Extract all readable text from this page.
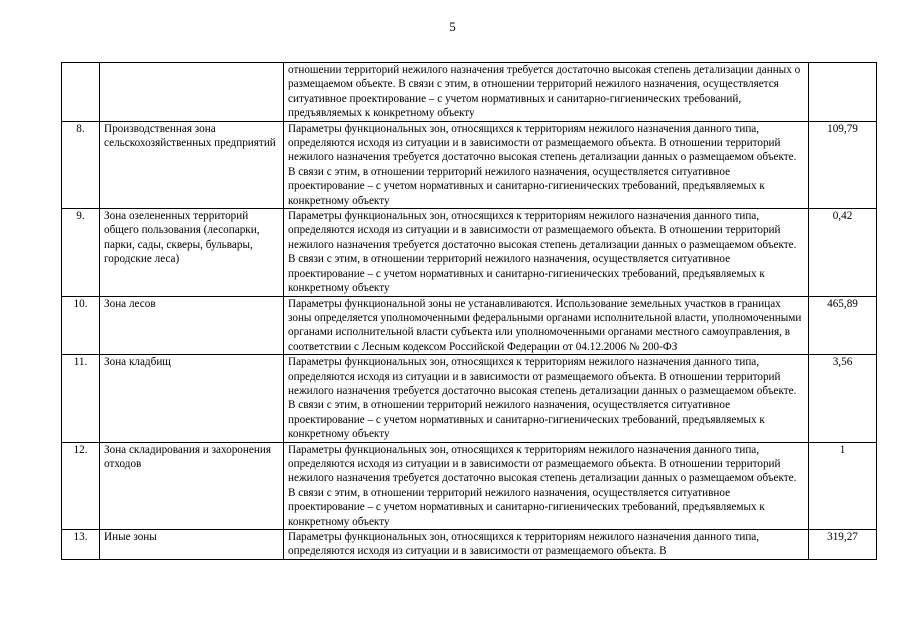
5
		отношении территорий нежилого назначения требуется достаточно высокая степень детализации данных о размещаемом объекте. В связи с этим, в отношении территорий нежилого назначения, осуществляется ситуативное проектирование – с учетом нормативных и санитарно-гигиенических требований, предъявляемых к конкретному объекту	
8.	Производственная зона сельскохозяйственных предприятий	Параметры функциональных зон, относящихся к территориям нежилого назначения данного типа, определяются исходя из ситуации и в зависимости от размещаемого объекта. В отношении территорий нежилого назначения требуется достаточно высокая степень детализации данных о размещаемом объекте. В связи с этим, в отношении территорий нежилого назначения, осуществляется ситуативное проектирование – с учетом нормативных и санитарно-гигиенических требований, предъявляемых к конкретному объекту	109,79
9.	Зона озелененных территорий общего пользования (лесопарки, парки, сады, скверы, бульвары, городские леса)	Параметры функциональных зон, относящихся к территориям нежилого назначения данного типа, определяются исходя из ситуации и в зависимости от размещаемого объекта. В отношении территорий нежилого назначения требуется достаточно высокая степень детализации данных о размещаемом объекте. В связи с этим, в отношении территорий нежилого назначения, осуществляется ситуативное проектирование – с учетом нормативных и санитарно-гигиенических требований, предъявляемых к конкретному объекту	0,42
10.	Зона лесов	Параметры функциональной зоны не устанавливаются. Использование земельных участков в границах зоны определяется уполномоченными федеральными органами исполнительной власти, уполномоченными органами исполнительной власти субъекта или уполномоченными органами местного самоуправления, в соответствии с Лесным кодексом Российской Федерации от 04.12.2006 № 200-ФЗ	465,89
11.	Зона кладбищ	Параметры функциональных зон, относящихся к территориям нежилого назначения данного типа, определяются исходя из ситуации и в зависимости от размещаемого объекта. В отношении территорий нежилого назначения требуется достаточно высокая степень детализации данных о размещаемом объекте. В связи с этим, в отношении территорий нежилого назначения, осуществляется ситуативное проектирование – с учетом нормативных и санитарно-гигиенических требований, предъявляемых к конкретному объекту	3,56
12.	Зона складирования и захоронения отходов	Параметры функциональных зон, относящихся к территориям нежилого назначения данного типа, определяются исходя из ситуации и в зависимости от размещаемого объекта. В отношении территорий нежилого назначения требуется достаточно высокая степень детализации данных о размещаемом объекте. В связи с этим, в отношении территорий нежилого назначения, осуществляется ситуативное проектирование – с учетом нормативных и санитарно-гигиенических требований, предъявляемых к конкретному объекту	1
13.	Иные зоны	Параметры функциональных зон, относящихся к территориям нежилого назначения данного типа, определяются исходя из ситуации и в зависимости от размещаемого объекта. В	319,27
